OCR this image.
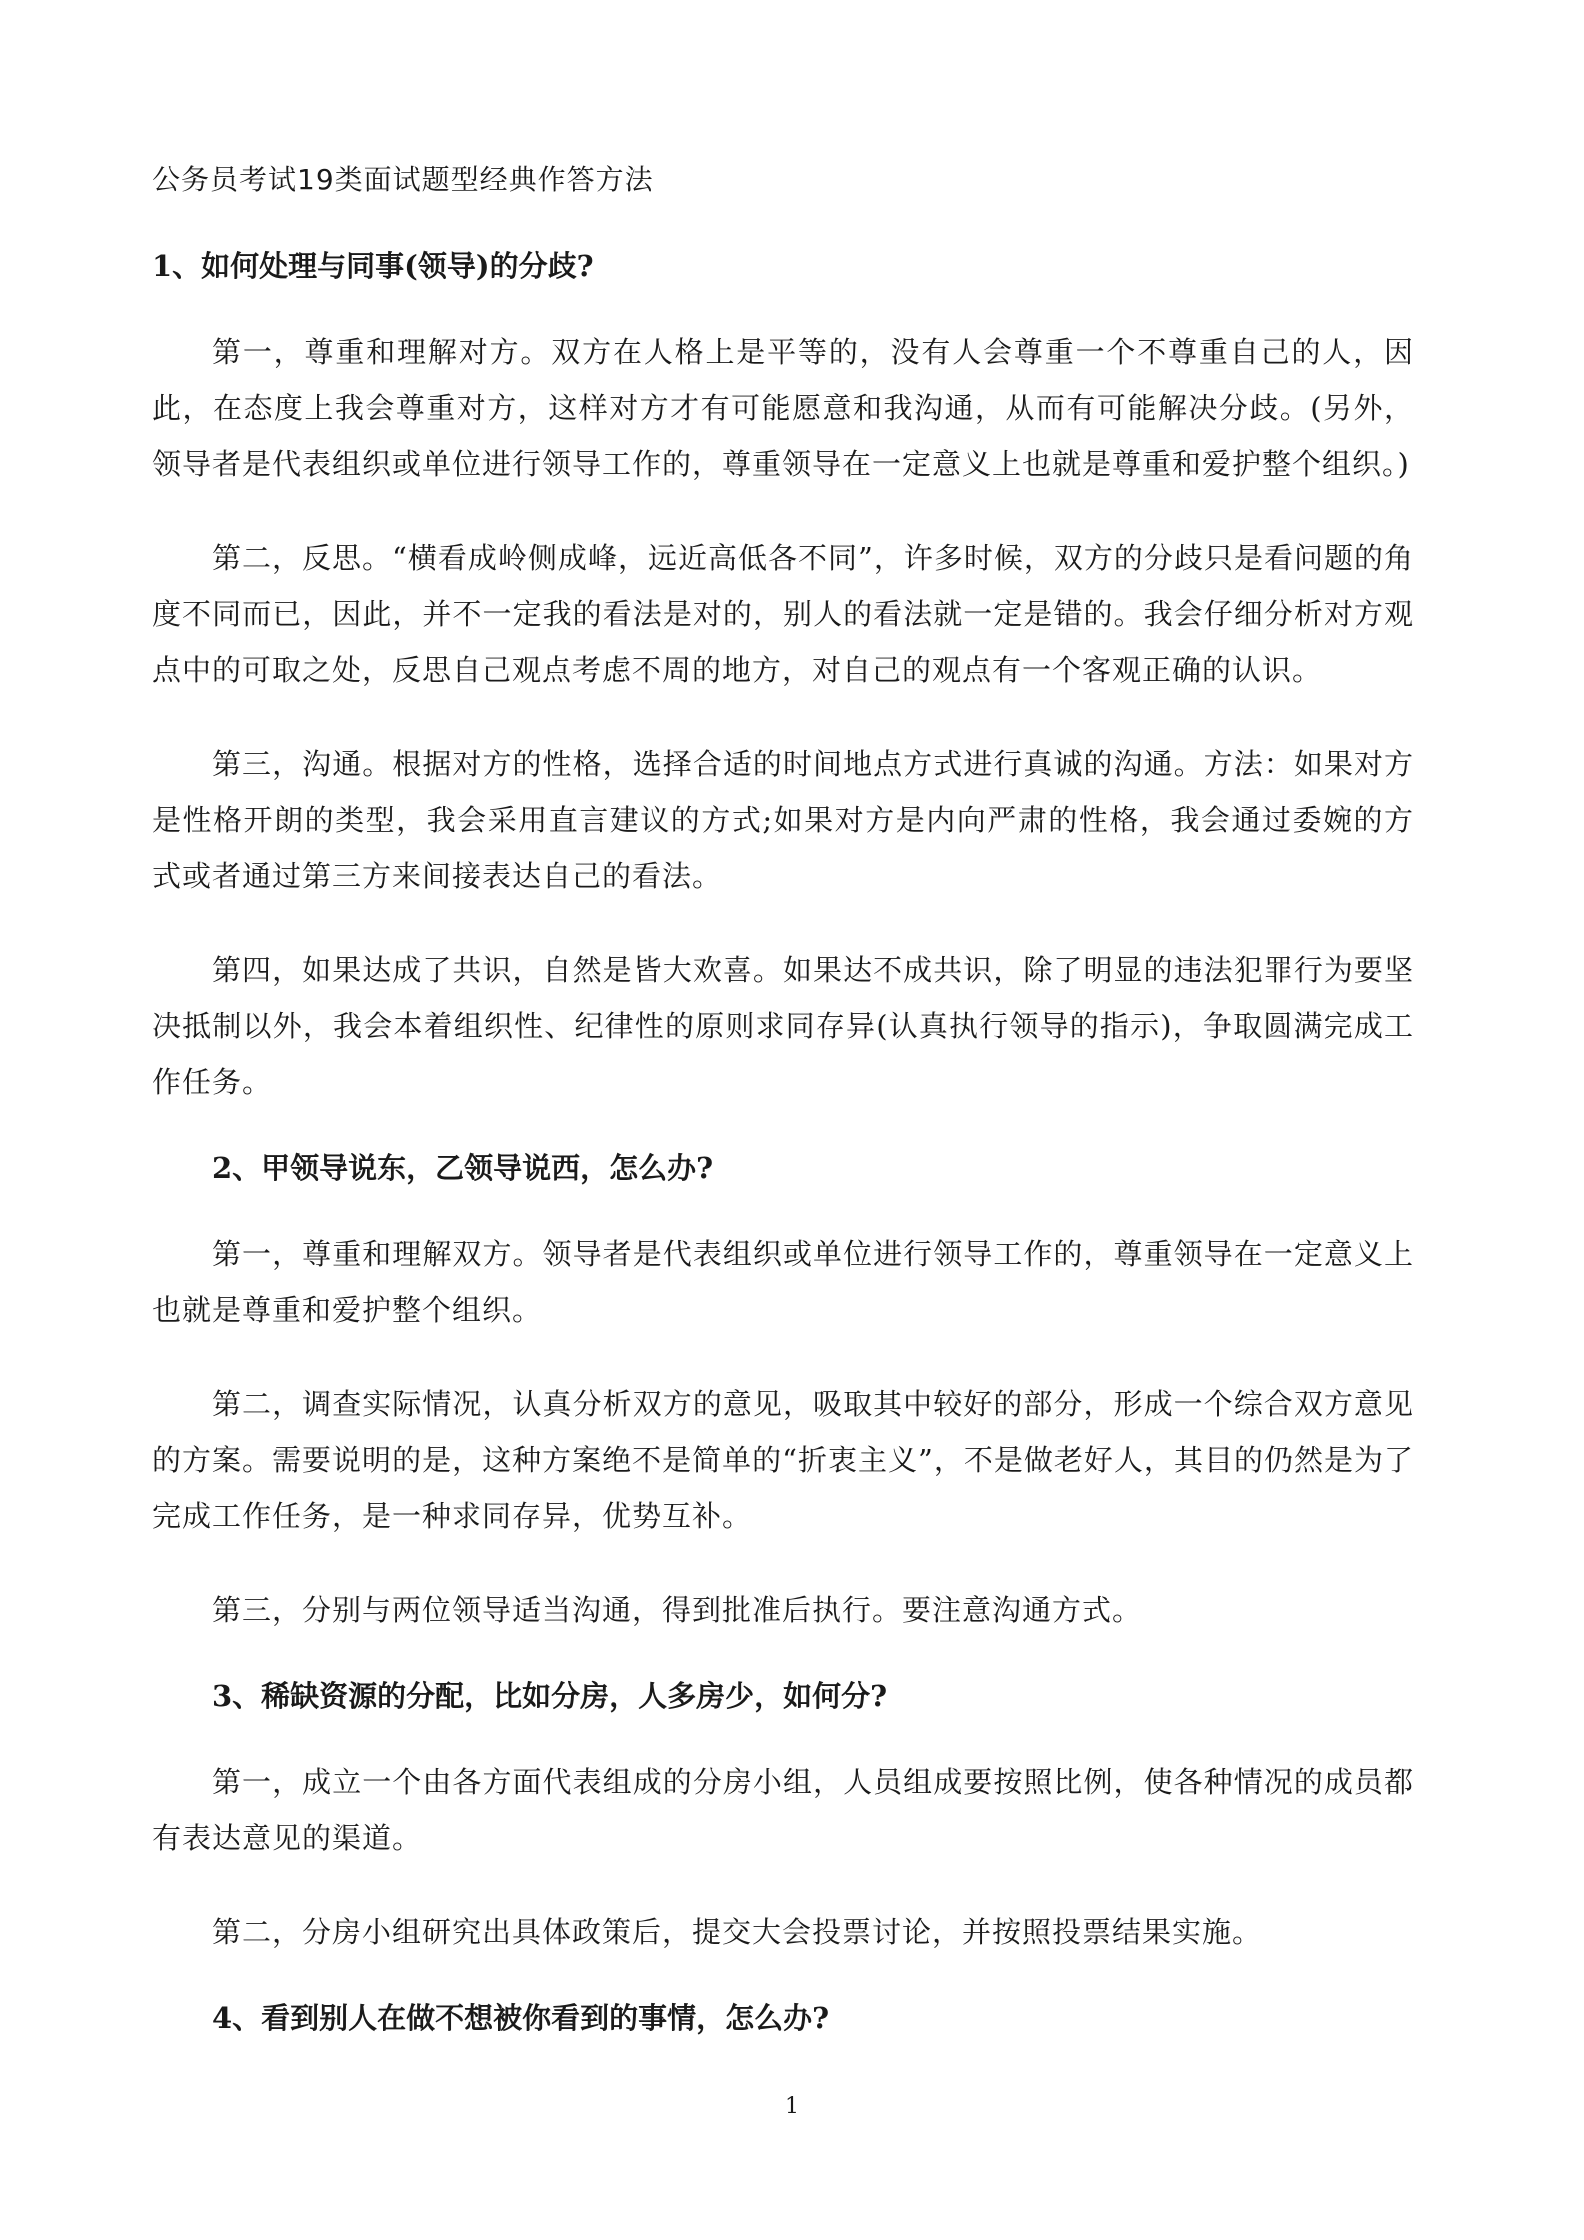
公务员考试19类面试题型经典作答方法
1、如何处理与同事(领导)的分歧?

第一，尊重和理解对方。双方在人格上是平等的，没有人会尊重一个不尊重自己的人，因此，在态度上我会尊重对方，这样对方才有可能愿意和我沟通，从而有可能解决分歧。(另外，领导者是代表组织或单位进行领导工作的，尊重领导在一定意义上也就是尊重和爱护整个组织。)

第二，反思。“横看成岭侧成峰，远近高低各不同”，许多时候，双方的分歧只是看问题的角度不同而已，因此，并不一定我的看法是对的，别人的看法就一定是错的。我会仔细分析对方观点中的可取之处，反思自己观点考虑不周的地方，对自己的观点有一个客观正确的认识。

第三，沟通。根据对方的性格，选择合适的时间地点方式进行真诚的沟通。方法：如果对方是性格开朗的类型，我会采用直言建议的方式;如果对方是内向严肃的性格，我会通过委婉的方式或者通过第三方来间接表达自己的看法。

第四，如果达成了共识，自然是皆大欢喜。如果达不成共识，除了明显的违法犯罪行为要坚决抵制以外，我会本着组织性、纪律性的原则求同存异(认真执行领导的指示)，争取圆满完成工作任务。

2、甲领导说东，乙领导说西，怎么办?

第一，尊重和理解双方。领导者是代表组织或单位进行领导工作的，尊重领导在一定意义上也就是尊重和爱护整个组织。

第二，调查实际情况，认真分析双方的意见，吸取其中较好的部分，形成一个综合双方意见的方案。需要说明的是，这种方案绝不是简单的“折衷主义”，不是做老好人，其目的仍然是为了完成工作任务，是一种求同存异，优势互补。

第三，分别与两位领导适当沟通，得到批准后执行。要注意沟通方式。

3、稀缺资源的分配，比如分房，人多房少，如何分?

第一，成立一个由各方面代表组成的分房小组，人员组成要按照比例，使各种情况的成员都有表达意见的渠道。

第二，分房小组研究出具体政策后，提交大会投票讨论，并按照投票结果实施。

4、看到别人在做不想被你看到的事情，怎么办?
1
